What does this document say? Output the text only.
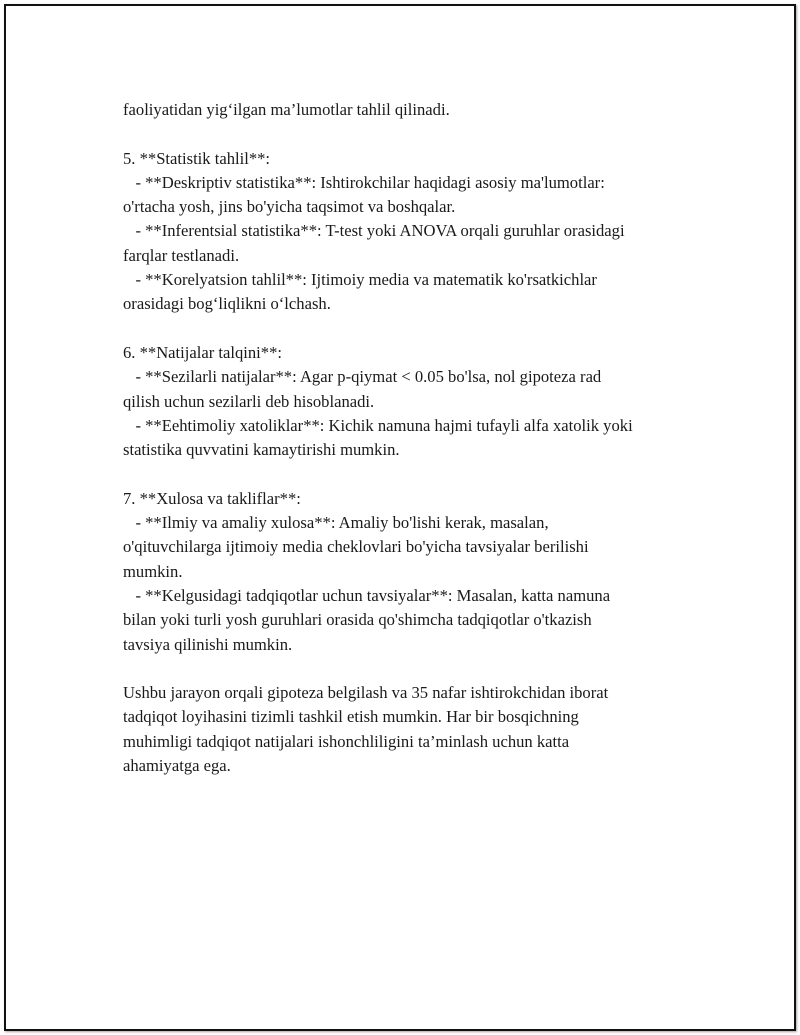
faoliyatidan yig‘ilgan ma’lumotlar tahlil qilinadi.
5. **Statistik tahlil**:
- **Deskriptiv statistika**: Ishtirokchilar haqidagi asosiy ma'lumotlar:
o'rtacha yosh, jins bo'yicha taqsimot va boshqalar.
- **Inferentsial statistika**: T-test yoki ANOVA orqali guruhlar orasidagi
farqlar testlanadi.
- **Korelyatsion tahlil**: Ijtimoiy media va matematik ko'rsatkichlar
orasidagi bog‘liqlikni o‘lchash.
6. **Natijalar talqini**:
- **Sezilarli natijalar**: Agar p-qiymat < 0.05 bo'lsa, nol gipoteza rad
qilish uchun sezilarli deb hisoblanadi.
- **Eehtimoliy xatoliklar**: Kichik namuna hajmi tufayli alfa xatolik yoki
statistika quvvatini kamaytirishi mumkin.
7. **Xulosa va takliflar**:
- **Ilmiy va amaliy xulosa**: Amaliy bo'lishi kerak, masalan,
o'qituvchilarga ijtimoiy media cheklovlari bo'yicha tavsiyalar berilishi
mumkin.
- **Kelgusidagi tadqiqotlar uchun tavsiyalar**: Masalan, katta namuna
bilan yoki turli yosh guruhlari orasida qo'shimcha tadqiqotlar o'tkazish
tavsiya qilinishi mumkin.
Ushbu jarayon orqali gipoteza belgilash va 35 nafar ishtirokchidan iborat
tadqiqot loyihasini tizimli tashkil etish mumkin. Har bir bosqichning
muhimligi tadqiqot natijalari ishonchliligini ta’minlash uchun katta
ahamiyatga ega.
